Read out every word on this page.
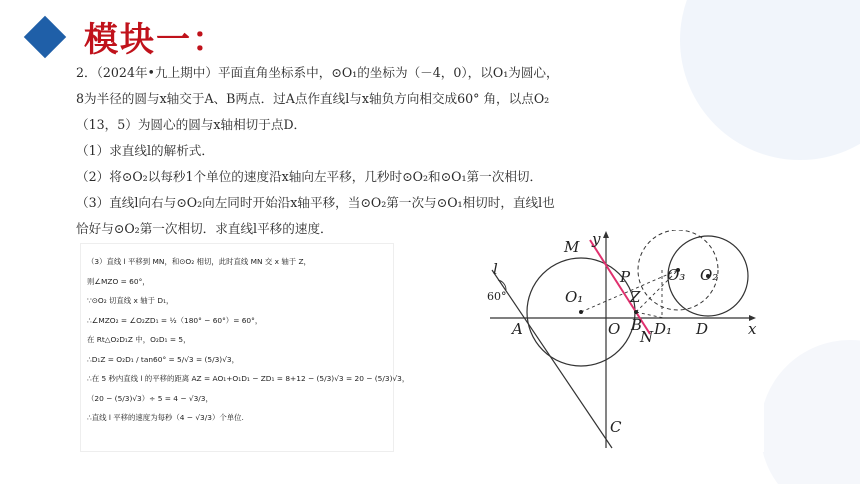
模块一：

2．（2024年•九上期中）平面直角坐标系中，⊙O₁的坐标为（－4，0），以O₁为圆心，

8为半径的圆与x轴交于A、B两点．过A点作直线l与x轴负方向相交成60° 角，以点O₂

（13，5）为圆心的圆与x轴相切于点D．

（1）求直线l的解析式．

（2）将⊙O₂以每秒1个单位的速度沿x轴向左平移，几秒时⊙O₂和⊙O₁第一次相切．

（3）直线l向右与⊙O₂向左同时开始沿x轴平移，当⊙O₂第一次与⊙O₁相切时，直线l也

恰好与⊙O₂第一次相切．求直线l平移的速度．

（3）直线 l 平移到 MN，和⊙O₂ 相切，此时直线 MN 交 x 轴于 Z，

则∠MZO = 60°，

∵⊙O₂ 切直线 x 轴于 D₁，

∴∠MZO₂ = ∠O₂ZD₁ = ½（180° − 60°）= 60°，

在 Rt△O₂D₁Z 中，O₂D₁ = 5，

∴D₁Z = O₂D₁ / tan60° = 5/√3 = (5/3)√3，

∴在 5 秒内直线 l 的平移的距离 AZ = AO₁+O₁D₁ − ZD₁ = 8+12 − (5/3)√3 = 20 − (5/3)√3，

（20 − (5/3)√3）÷ 5 = 4 − √3/3，

∴直线 l 平移的速度为每秒（4 − √3/3）个单位.

y
x
M
P
O₁
O₃ O₂
Z
A	O B D₁ D
N
l
60°
C
